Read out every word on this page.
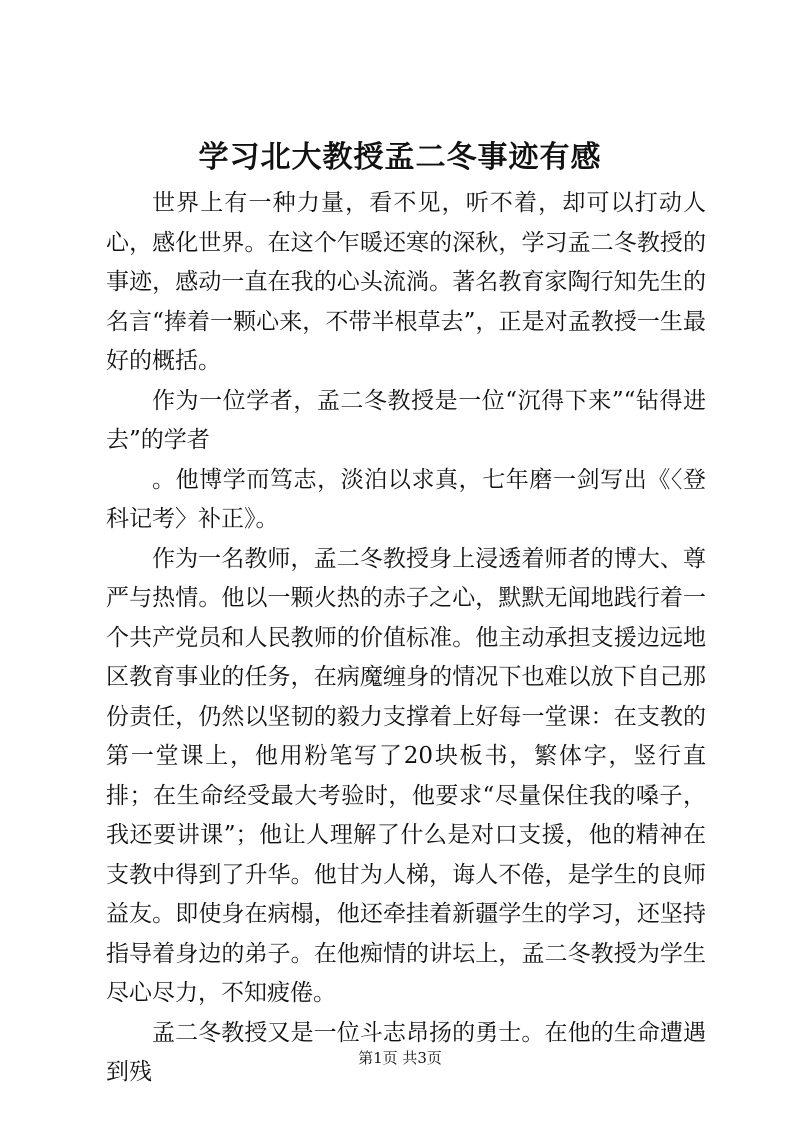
学习北大教授孟二冬事迹有感

世界上有一种力量，看不见，听不着，却可以打动人心，感化世界。在这个乍暖还寒的深秋，学习孟二冬教授的事迹，感动一直在我的心头流淌。著名教育家陶行知先生的名言“捧着一颗心来，不带半根草去”，正是对孟教授一生最好的概括。

作为一位学者，孟二冬教授是一位“沉得下来”“钻得进去”的学者

。他博学而笃志，淡泊以求真，七年磨一剑写出《〈登科记考〉补正》。

作为一名教师，孟二冬教授身上浸透着师者的博大、尊严与热情。他以一颗火热的赤子之心，默默无闻地践行着一个共产党员和人民教师的价值标准。他主动承担支援边远地区教育事业的任务，在病魔缠身的情况下也难以放下自己那份责任，仍然以坚韧的毅力支撑着上好每一堂课：在支教的第一堂课上，他用粉笔写了20块板书，繁体字，竖行直排；在生命经受最大考验时，他要求“尽量保住我的嗓子，我还要讲课”；他让人理解了什么是对口支援，他的精神在支教中得到了升华。他甘为人梯，诲人不倦，是学生的良师益友。即使身在病榻，他还牵挂着新疆学生的学习，还坚持指导着身边的弟子。在他痴情的讲坛上，孟二冬教授为学生尽心尽力，不知疲倦。

孟二冬教授又是一位斗志昂扬的勇士。在他的生命遭遇到残

第1页 共3页
